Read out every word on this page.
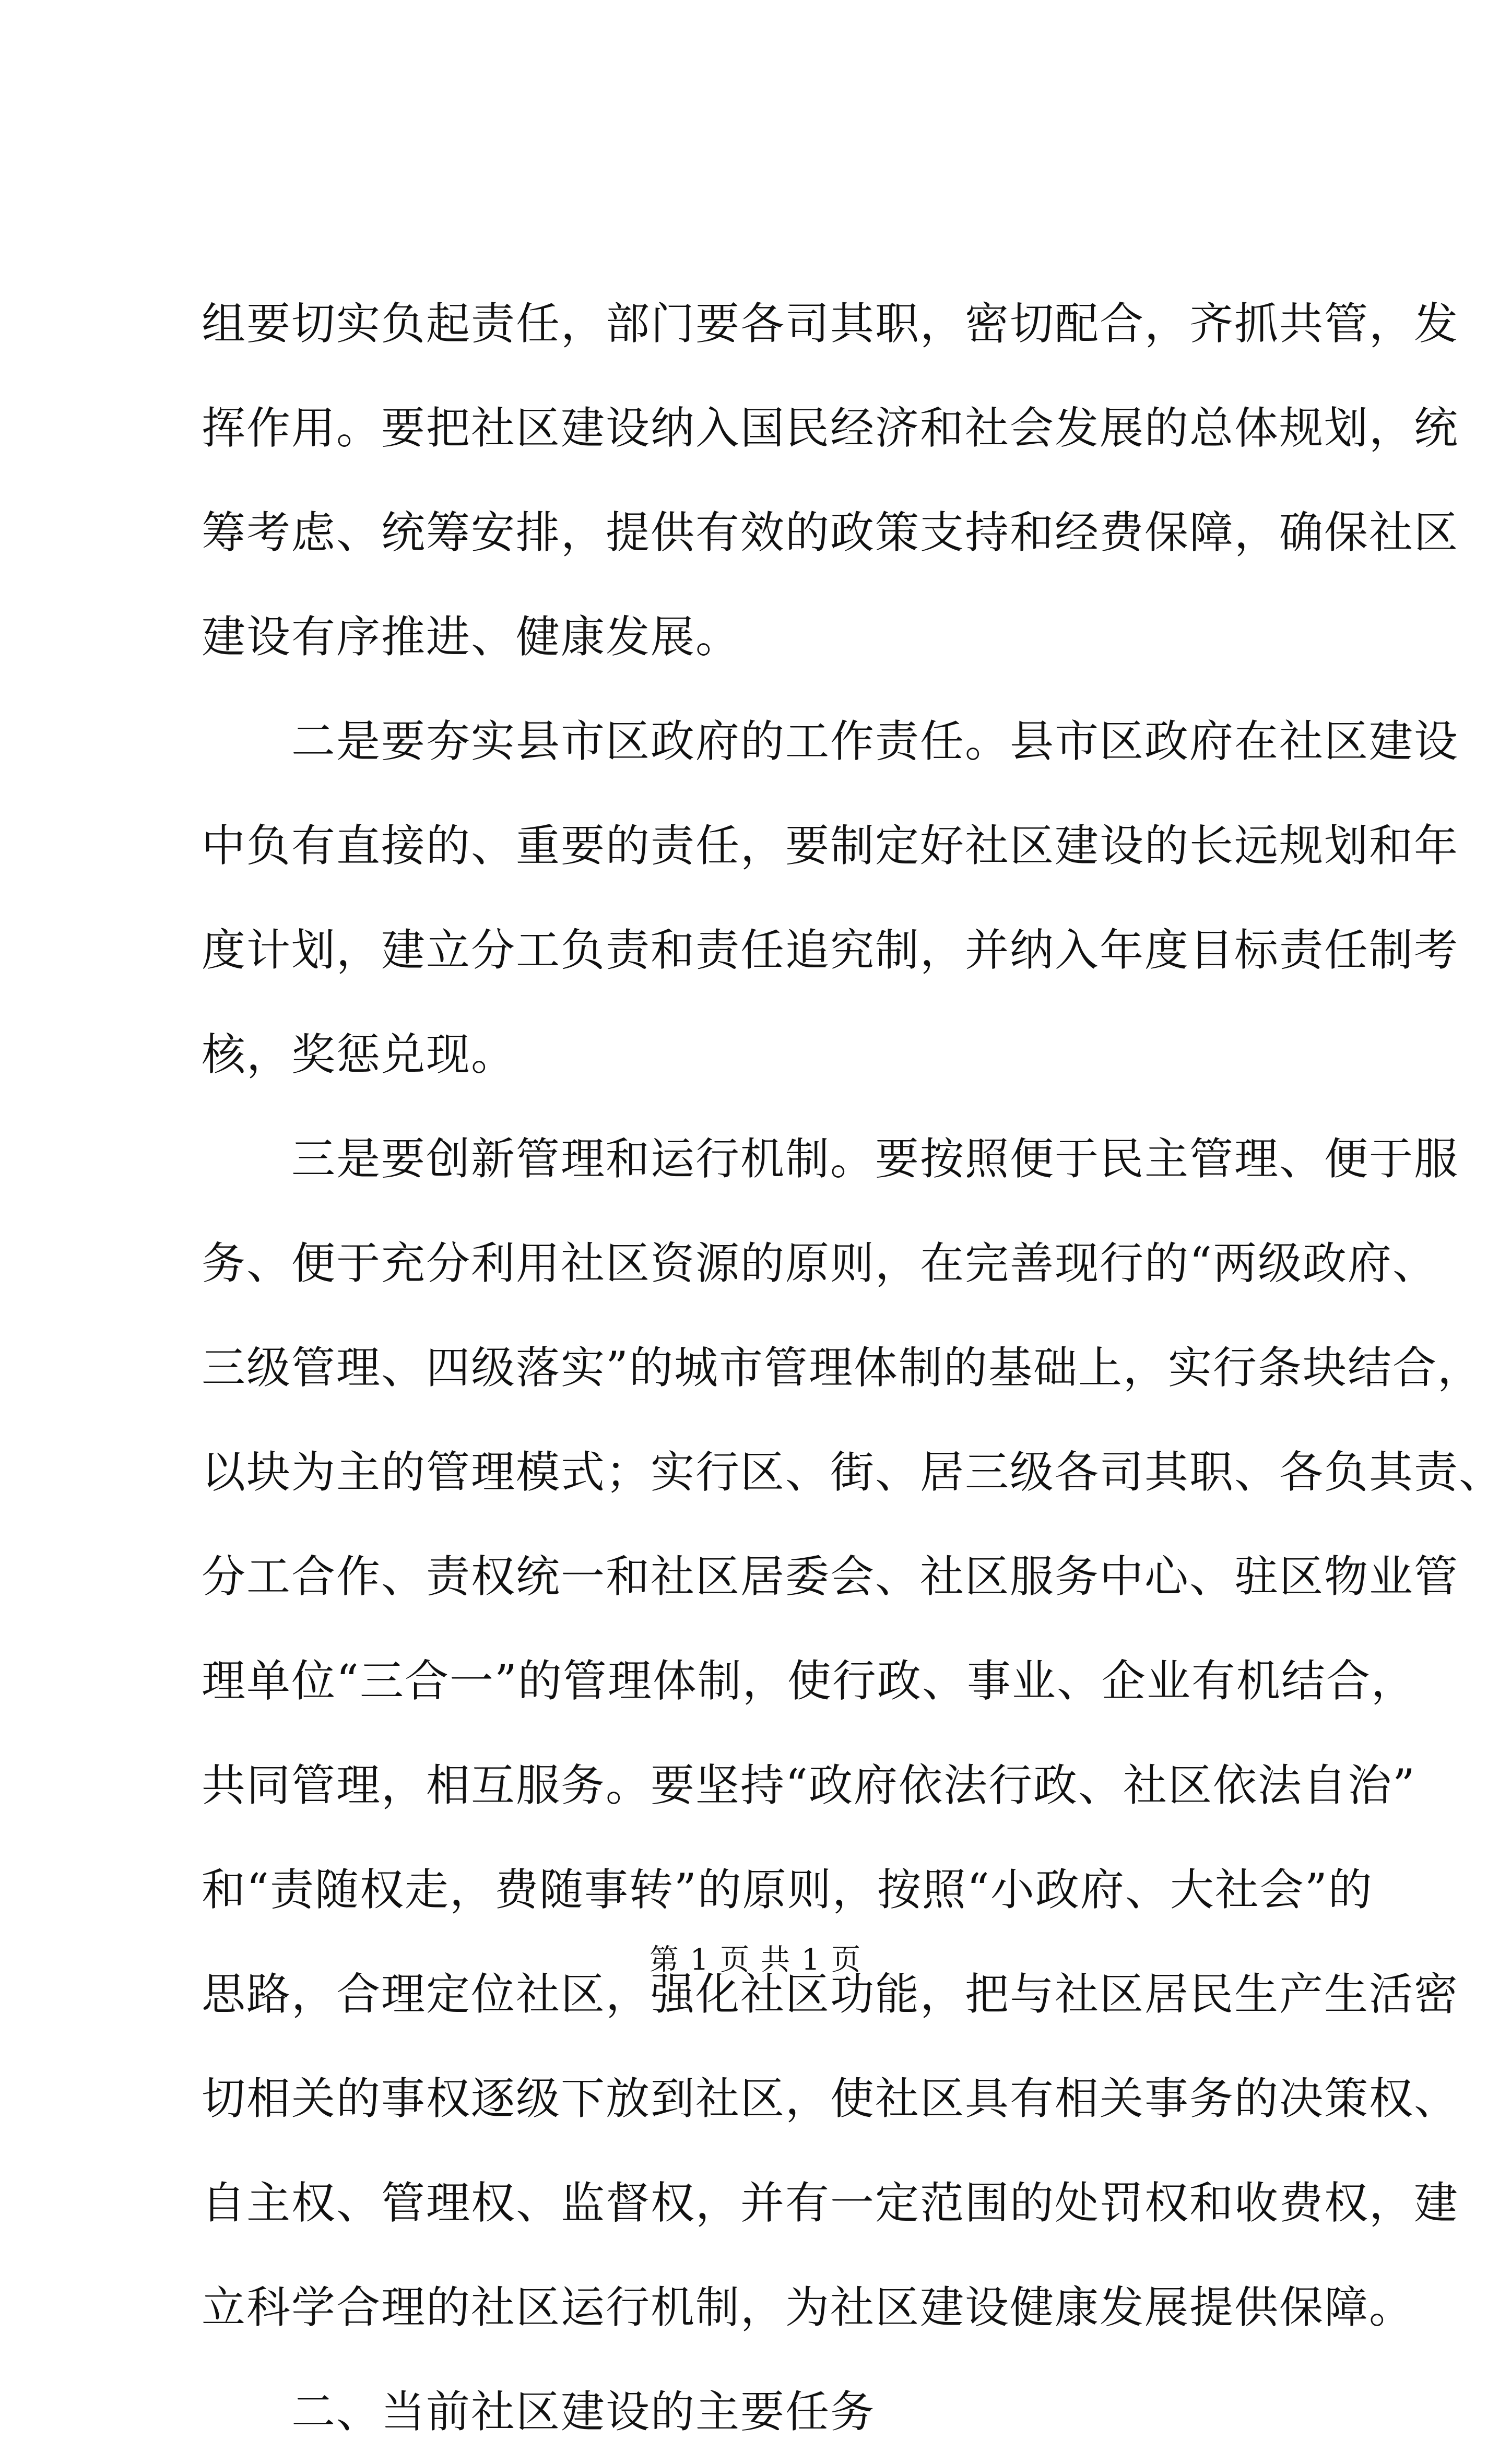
组要切实负起责任，部门要各司其职，密切配合，齐抓共管，发
挥作用。要把社区建设纳入国民经济和社会发展的总体规划，统
筹考虑、统筹安排，提供有效的政策支持和经费保障，确保社区
建设有序推进、健康发展。
　　二是要夯实县市区政府的工作责任。县市区政府在社区建设
中负有直接的、重要的责任，要制定好社区建设的长远规划和年
度计划，建立分工负责和责任追究制，并纳入年度目标责任制考
核，奖惩兑现。
　　三是要创新管理和运行机制。要按照便于民主管理、便于服
务、便于充分利用社区资源的原则，在完善现行的“两级政府、
三级管理、四级落实”的城市管理体制的基础上，实行条块结合，
以块为主的管理模式；实行区、街、居三级各司其职、各负其责、
分工合作、责权统一和社区居委会、社区服务中心、驻区物业管
理单位“三合一”的管理体制，使行政、事业、企业有机结合，
共同管理，相互服务。要坚持“政府依法行政、社区依法自治”
和“责随权走，费随事转”的原则，按照“小政府、大社会”的
思路，合理定位社区，强化社区功能，把与社区居民生产生活密
切相关的事权逐级下放到社区，使社区具有相关事务的决策权、
自主权、管理权、监督权，并有一定范围的处罚权和收费权，建
立科学合理的社区运行机制，为社区建设健康发展提供保障。
　　二、当前社区建设的主要任务
第 1 页 共 1 页
